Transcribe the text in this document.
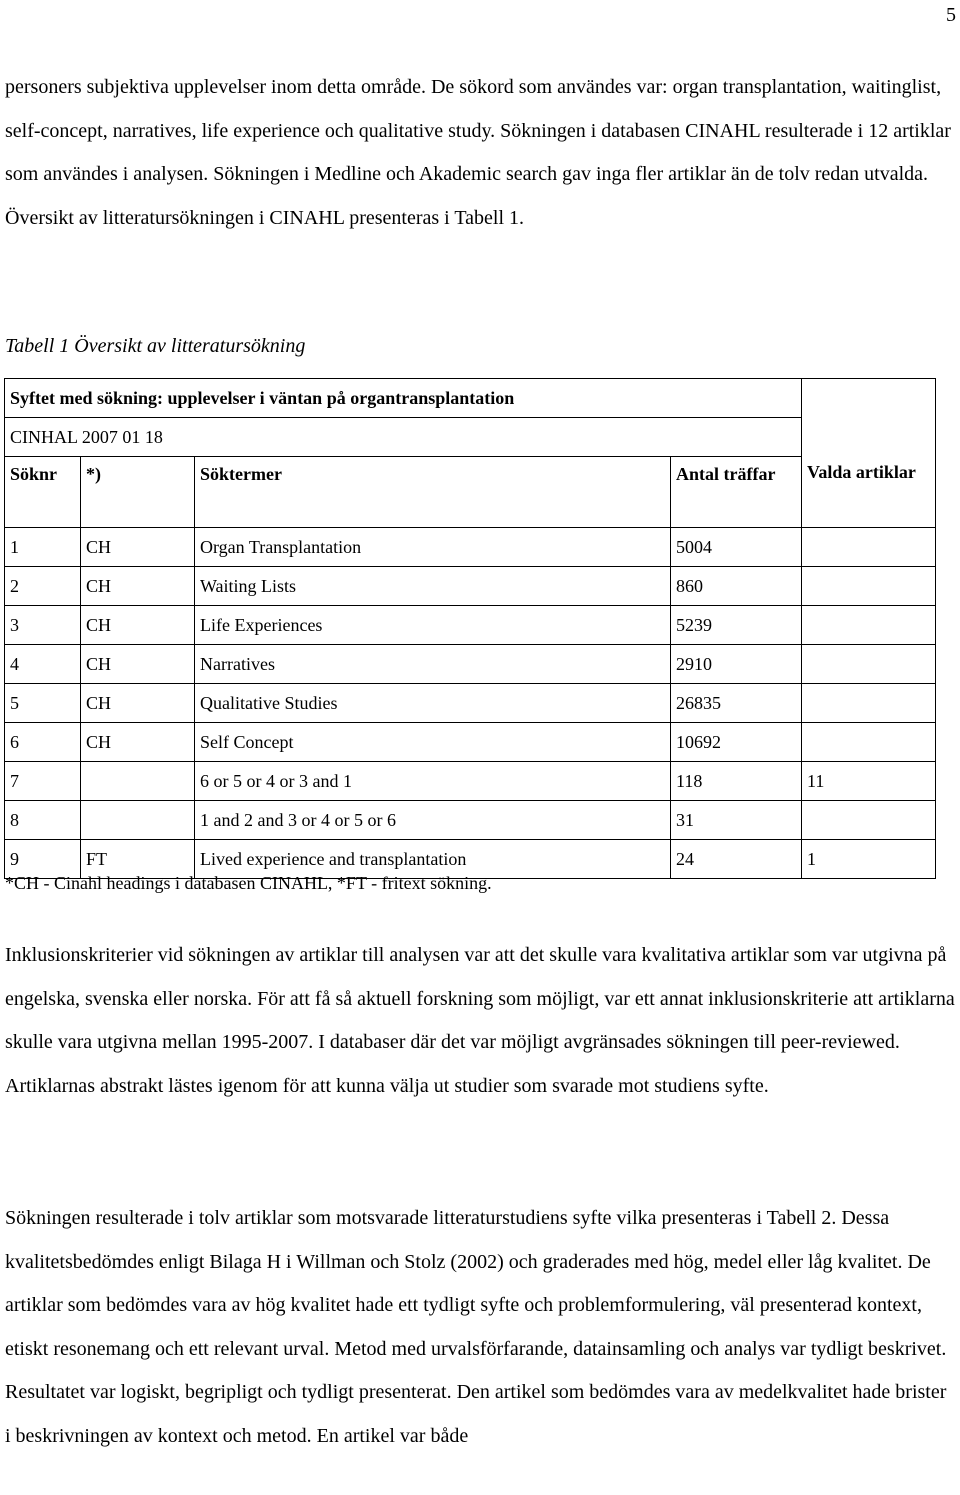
5

personers subjektiva upplevelser inom detta område. De sökord som användes var: organ transplantation, waitinglist, self-concept, narratives, life experience och qualitative study. Sökningen i databasen CINAHL resulterade i 12 artiklar som användes i analysen. Sökningen i Medline och Akademic search gav inga fler artiklar än de tolv redan utvalda. Översikt av litteratursökningen i CINAHL presenteras i Tabell 1.

Tabell 1 Översikt av litteratursökning
Syftet med sökning: upplevelser i väntan på organtransplantation				Valda artiklar
CINHAL 2007 01 18				
Söknr	*)	Söktermer	Antal träffar	
1	CH	Organ Transplantation	5004	
2	CH	Waiting Lists	860	
3	CH	Life Experiences	5239	
4	CH	Narratives	2910	
5	CH	Qualitative Studies	26835	
6	CH	Self Concept	10692	
7		6 or 5 or 4 or 3 and 1	118	11
8		1 and 2 and 3 or 4 or 5 or 6	31	
9	FT	Lived experience and transplantation	24	1
*CH - Cinahl headings i databasen CINAHL, *FT - fritext sökning.

Inklusionskriterier vid sökningen av artiklar till analysen var att det skulle vara kvalitativa artiklar som var utgivna på engelska, svenska eller norska. För att få så aktuell forskning som möjligt, var ett annat inklusionskriterie att artiklarna skulle vara utgivna mellan 1995-2007. I databaser där det var möjligt avgränsades sökningen till peer-reviewed. Artiklarnas abstrakt lästes igenom för att kunna välja ut studier som svarade mot studiens syfte.

Sökningen resulterade i tolv artiklar som motsvarade litteraturstudiens syfte vilka presenteras i Tabell 2. Dessa kvalitetsbedömdes enligt Bilaga H i Willman och Stolz (2002) och graderades med hög, medel eller låg kvalitet. De artiklar som bedömdes vara av hög kvalitet hade ett tydligt syfte och problemformulering, väl presenterad kontext, etiskt resonemang och ett relevant urval. Metod med urvalsförfarande, datainsamling och analys var tydligt beskrivet. Resultatet var logiskt, begripligt och tydligt presenterat. Den artikel som bedömdes vara av medelkvalitet hade brister i beskrivningen av kontext och metod. En artikel var både
